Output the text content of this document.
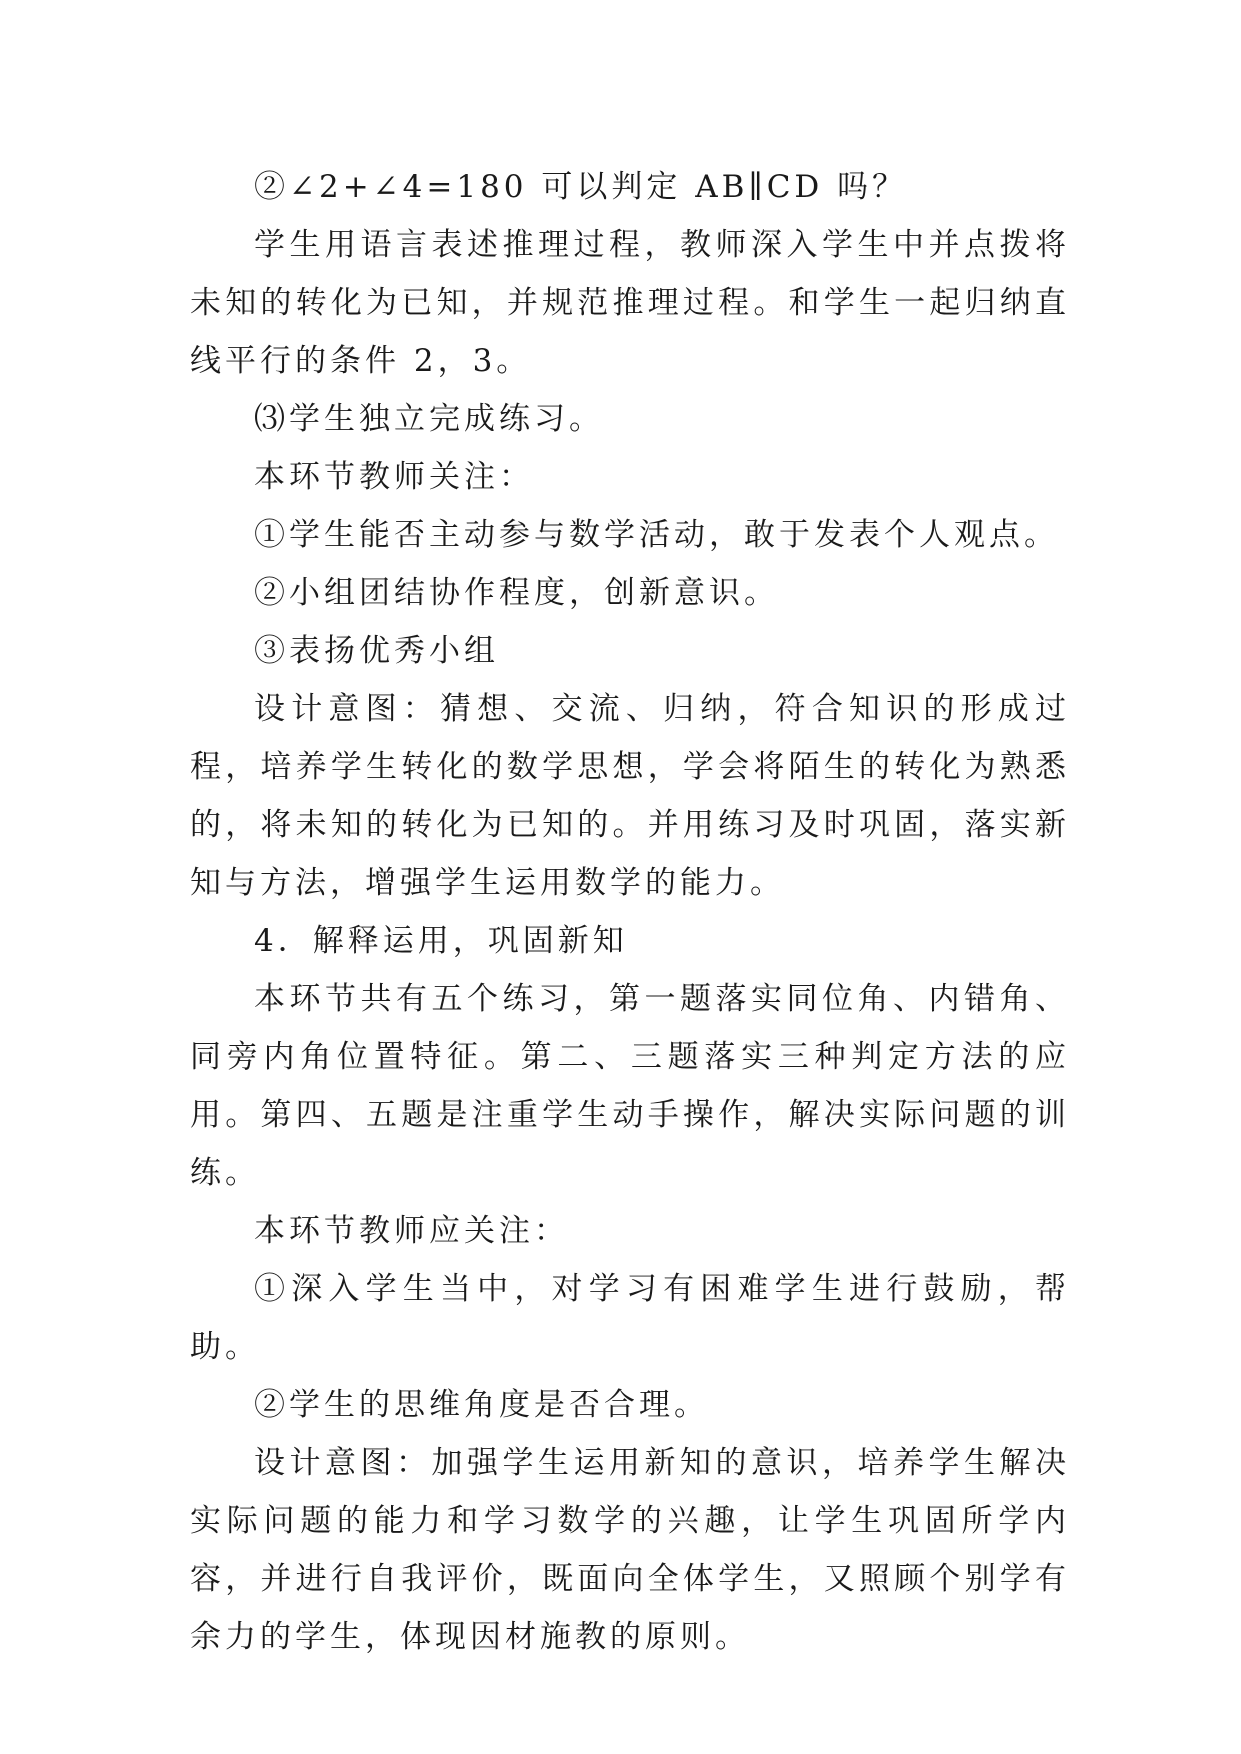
②∠2+∠4=180 可以判定 AB∥CD 吗？

学生用语言表述推理过程，教师深入学生中并点拨将未知的转化为已知，并规范推理过程。和学生一起归纳直线平行的条件 2，3。

⑶学生独立完成练习。

本环节教师关注：

①学生能否主动参与数学活动，敢于发表个人观点。

②小组团结协作程度，创新意识。

③表扬优秀小组

设计意图：猜想、交流、归纳，符合知识的形成过程，培养学生转化的数学思想，学会将陌生的转化为熟悉的，将未知的转化为已知的。并用练习及时巩固，落实新知与方法，增强学生运用数学的能力。

4．解释运用，巩固新知

本环节共有五个练习，第一题落实同位角、内错角、同旁内角位置特征。第二、三题落实三种判定方法的应用。第四、五题是注重学生动手操作，解决实际问题的训练。

本环节教师应关注：

①深入学生当中，对学习有困难学生进行鼓励，帮助。

②学生的思维角度是否合理。

设计意图：加强学生运用新知的意识，培养学生解决实际问题的能力和学习数学的兴趣，让学生巩固所学内容，并进行自我评价，既面向全体学生，又照顾个别学有余力的学生，体现因材施教的原则。
